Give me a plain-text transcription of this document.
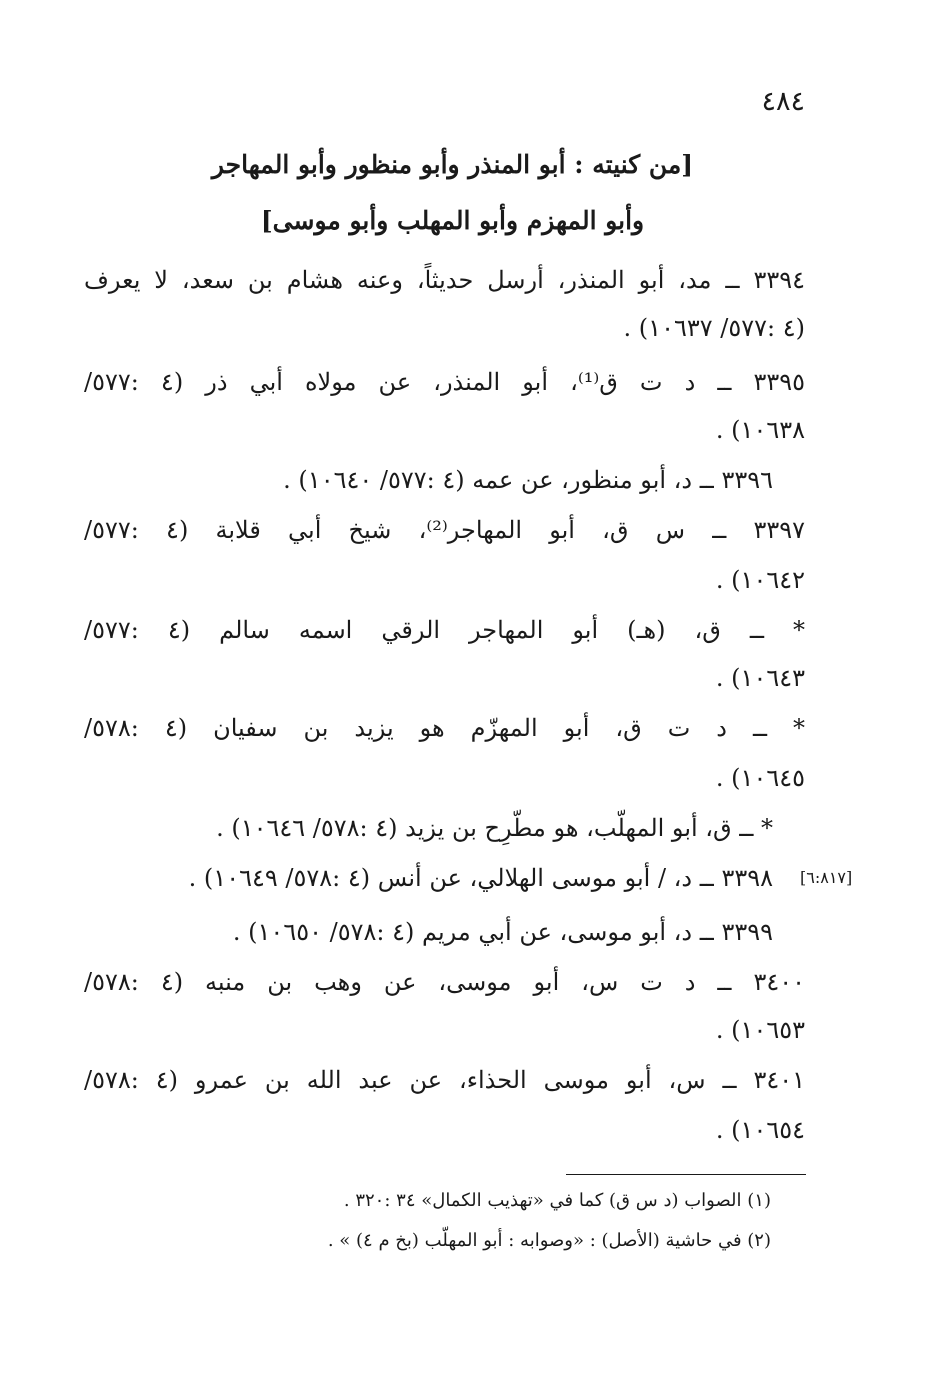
٤٨٤
[من كنيته : أبو المنذر وأبو منظور وأبو المهاجر
وأبو المهزم وأبو المهلب وأبو موسى]
٣٣٩٤ ــ مد، أبو المنذر، أرسل حديثاً، وعنه هشام بن سعد، لا يعرف
(٤ :٥٧٧/ ١٠٦٣٧) .
٣٣٩٥ ــ د ت ق⁽¹⁾، أبو المنذر، عن مولاه أبي ذر (٤ :٥٧٧/
١٠٦٣٨) .
٣٣٩٦ ــ د، أبو منظور، عن عمه (٤ :٥٧٧/ ١٠٦٤٠) .
٣٣٩٧ ــ س ق، أبو المهاجر⁽²⁾، شيخ أبي قلابة (٤ :٥٧٧/
١٠٦٤٢) .
* ــ ق، (هـ) أبو المهاجر الرقي اسمه سالم (٤ :٥٧٧/
١٠٦٤٣) .
* ــ د ت ق، أبو المهزّم هو يزيد بن سفيان (٤ :٥٧٨/
١٠٦٤٥) .
* ــ ق، أبو المهلّب، هو مطّرِح بن يزيد (٤ :٥٧٨/ ١٠٦٤٦) .
[٦:٨١٧]
٣٣٩٨ ــ د، / أبو موسى الهلالي، عن أنس (٤ :٥٧٨/ ١٠٦٤٩) .
٣٣٩٩ ــ د، أبو موسى، عن أبي مريم (٤ :٥٧٨/ ١٠٦٥٠) .
٣٤٠٠ ــ د ت س، أبو موسى، عن وهب بن منبه (٤ :٥٧٨/
١٠٦٥٣) .
٣٤٠١ ــ س، أبو موسى الحذاء، عن عبد الله بن عمرو (٤ :٥٧٨/
١٠٦٥٤) .
(١) الصواب (د س ق) كما في «تهذيب الكمال» ٣٤ :٣٢٠ .
(٢) في حاشية (الأصل) : «وصوابه : أبو المهلّب (بخ م ٤) » .
